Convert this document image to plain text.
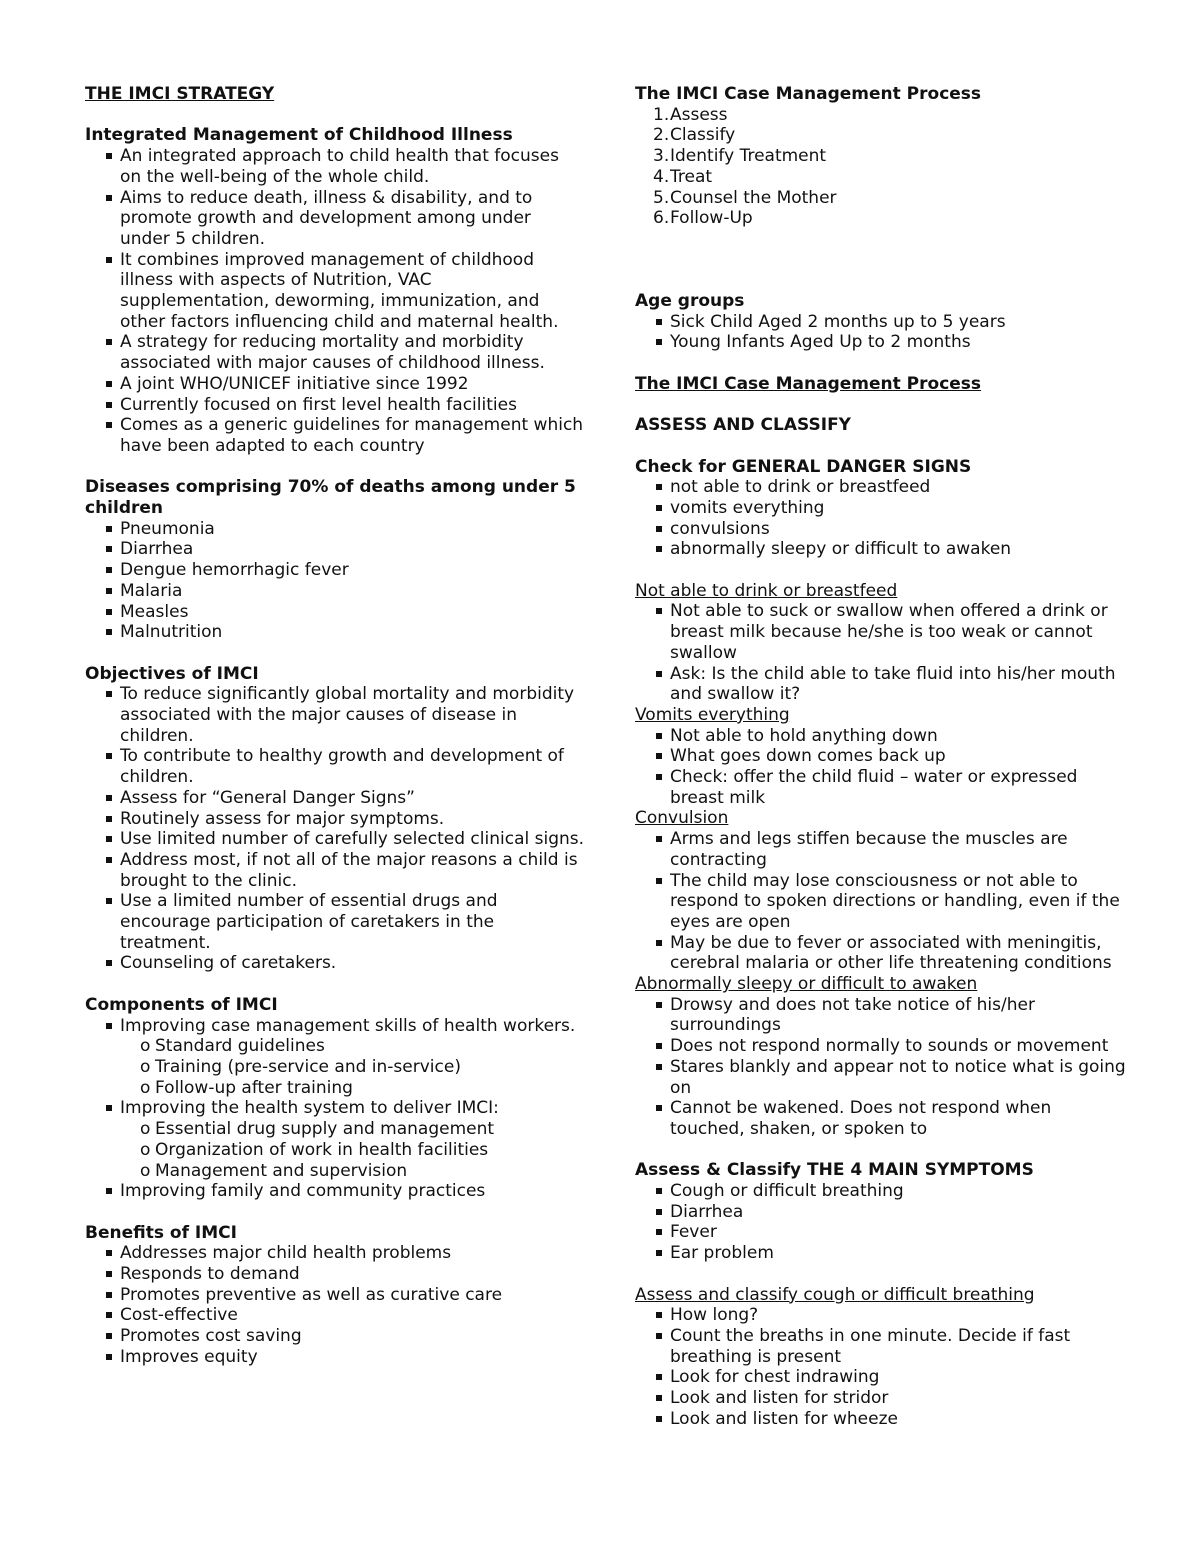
THE IMCI STRATEGY
Integrated Management of Childhood Illness
An integrated approach to child health that focuses on the well-being of the whole child.
Aims to reduce death, illness & disability, and to promote growth and development among under under 5 children.
It combines improved management of childhood illness with aspects of Nutrition, VAC supplementation, deworming, immunization, and other factors influencing child and maternal health.
A strategy for reducing mortality and morbidity associated with major causes of childhood illness.
A joint WHO/UNICEF initiative since 1992
Currently focused on first level health facilities
Comes as a generic guidelines for management which have been adapted to each country
Diseases comprising 70% of deaths among under 5 children
Pneumonia
Diarrhea
Dengue hemorrhagic fever
Malaria
Measles
Malnutrition
Objectives of IMCI
To reduce significantly global mortality and morbidity associated with the major causes of disease in children.
To contribute to healthy growth and development of children.
Assess for “General Danger Signs”
Routinely assess for major symptoms.
Use limited number of carefully selected clinical signs.
Address most, if not all of the major reasons a child is brought to the clinic.
Use a limited number of essential drugs and encourage participation of caretakers in the treatment.
Counseling of caretakers.
Components of IMCI
Improving case management skills of health workers.
o Standard guidelines
o Training (pre-service and in-service)
o Follow-up after training
Improving the health system to deliver IMCI:
o Essential drug supply and management
o Organization of work in health facilities
o Management and supervision
Improving family and community practices
Benefits of IMCI
Addresses major child health problems
Responds to demand
Promotes preventive as well as curative care
Cost-effective
Promotes cost saving
Improves equity
The IMCI Case Management Process
1. Assess
2. Classify
3. Identify Treatment
4. Treat
5. Counsel the Mother
6. Follow-Up
Age groups
Sick Child Aged 2 months up to 5 years
Young Infants Aged Up to 2 months
The IMCI Case Management Process
ASSESS AND CLASSIFY
Check for GENERAL DANGER SIGNS
not able to drink or breastfeed
vomits everything
convulsions
abnormally sleepy or difficult to awaken
Not able to drink or breastfeed
Not able to suck or swallow when offered a drink or breast milk because he/she is too weak or cannot swallow
Ask: Is the child able to take fluid into his/her mouth and swallow it?
Vomits everything
Not able to hold anything down
What goes down comes back up
Check: offer the child fluid – water or expressed breast milk
Convulsion
Arms and legs stiffen because the muscles are contracting
The child may lose consciousness or not able to respond to spoken directions or handling, even if the eyes are open
May be due to fever or associated with meningitis, cerebral malaria or other life threatening conditions
Abnormally sleepy or difficult to awaken
Drowsy and does not take notice of his/her surroundings
Does not respond normally to sounds or movement
Stares blankly and appear not to notice what is going on
Cannot be wakened. Does not respond when touched, shaken, or spoken to
Assess & Classify THE 4 MAIN SYMPTOMS
Cough or difficult breathing
Diarrhea
Fever
Ear problem
Assess and classify cough or difficult breathing
How long?
Count the breaths in one minute. Decide if fast breathing is present
Look for chest indrawing
Look and listen for stridor
Look and listen for wheeze
